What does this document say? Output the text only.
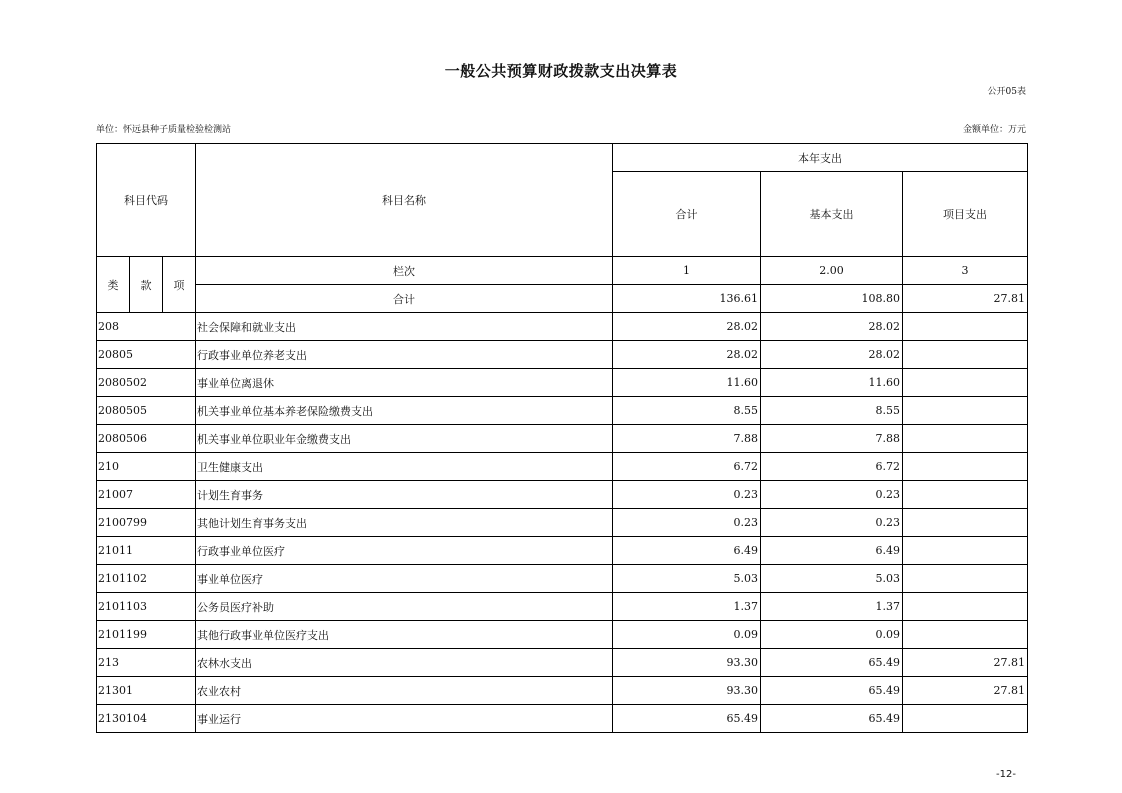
一般公共预算财政拨款支出决算表
公开05表
单位：怀远县种子质量检验检测站	金额单位：万元
科目代码			科目名称	本年支出		
				合计	基本支出	项目支出
类	款	项	栏次	1	2.00	3
			合计	136.61	108.80	27.81
208			社会保障和就业支出	28.02	28.02	
20805			行政事业单位养老支出	28.02	28.02	
2080502			事业单位离退休	11.60	11.60	
2080505			机关事业单位基本养老保险缴费支出	8.55	8.55	
2080506			机关事业单位职业年金缴费支出	7.88	7.88	
210			卫生健康支出	6.72	6.72	
21007			计划生育事务	0.23	0.23	
2100799			其他计划生育事务支出	0.23	0.23	
21011			行政事业单位医疗	6.49	6.49	
2101102			事业单位医疗	5.03	5.03	
2101103			公务员医疗补助	1.37	1.37	
2101199			其他行政事业单位医疗支出	0.09	0.09	
213			农林水支出	93.30	65.49	27.81
21301			农业农村	93.30	65.49	27.81
2130104			事业运行	65.49	65.49	
-12-
